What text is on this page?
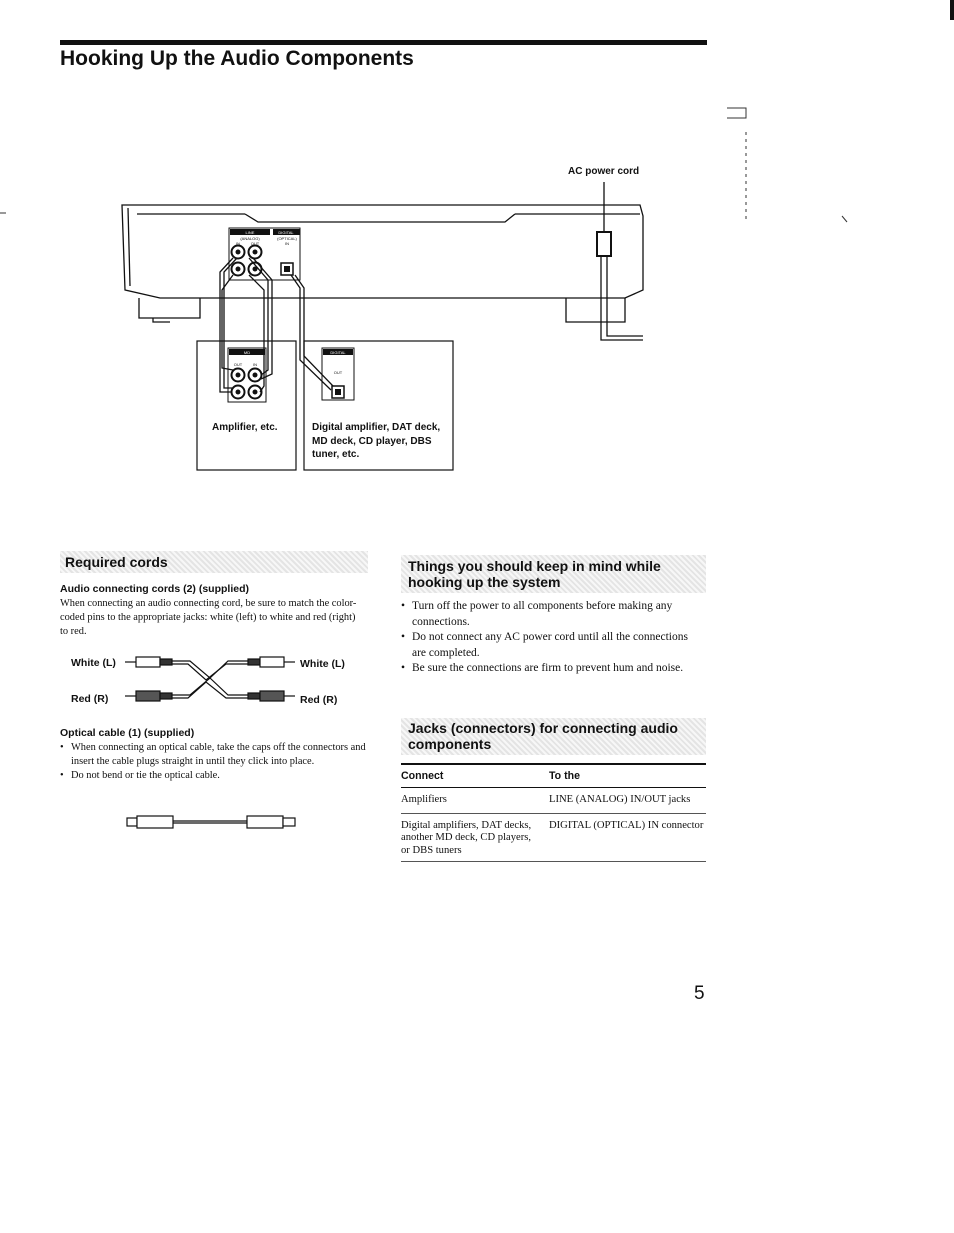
Hooking Up the Audio Components
LINE	DIGITAL
(ANALOG)
IN	OUT
(OPTICAL)
IN
MD
OUT	IN
DIGITAL
OUT
AC power cord
Amplifier, etc.	Digital amplifier, DAT deck, MD deck, CD player, DBS tuner, etc.
Required cords
Audio connecting cords (2) (supplied)
When connecting an audio connecting cord, be sure to match the color-coded pins to the appropriate jacks: white (left) to white and red (right) to red.
White (L)
Red (R)
White (L)
Red (R)
Optical cable (1) (supplied)
• When connecting an optical cable, take the caps off the connectors and insert the cable plugs straight in until they click into place.
• Do not bend or tie the optical cable.
Things you should keep in mind while hooking up the system
• Turn off the power to all components before making any connections.
• Do not connect any AC power cord until all the connections are completed.
• Be sure the connections are firm to prevent hum and noise.
Jacks (connectors) for connecting audio components
Connect	To the
Amplifiers	LINE (ANALOG) IN/OUT jacks
Digital amplifiers, DAT decks, another MD deck, CD players, or DBS tuners	DIGITAL (OPTICAL) IN connector
5
